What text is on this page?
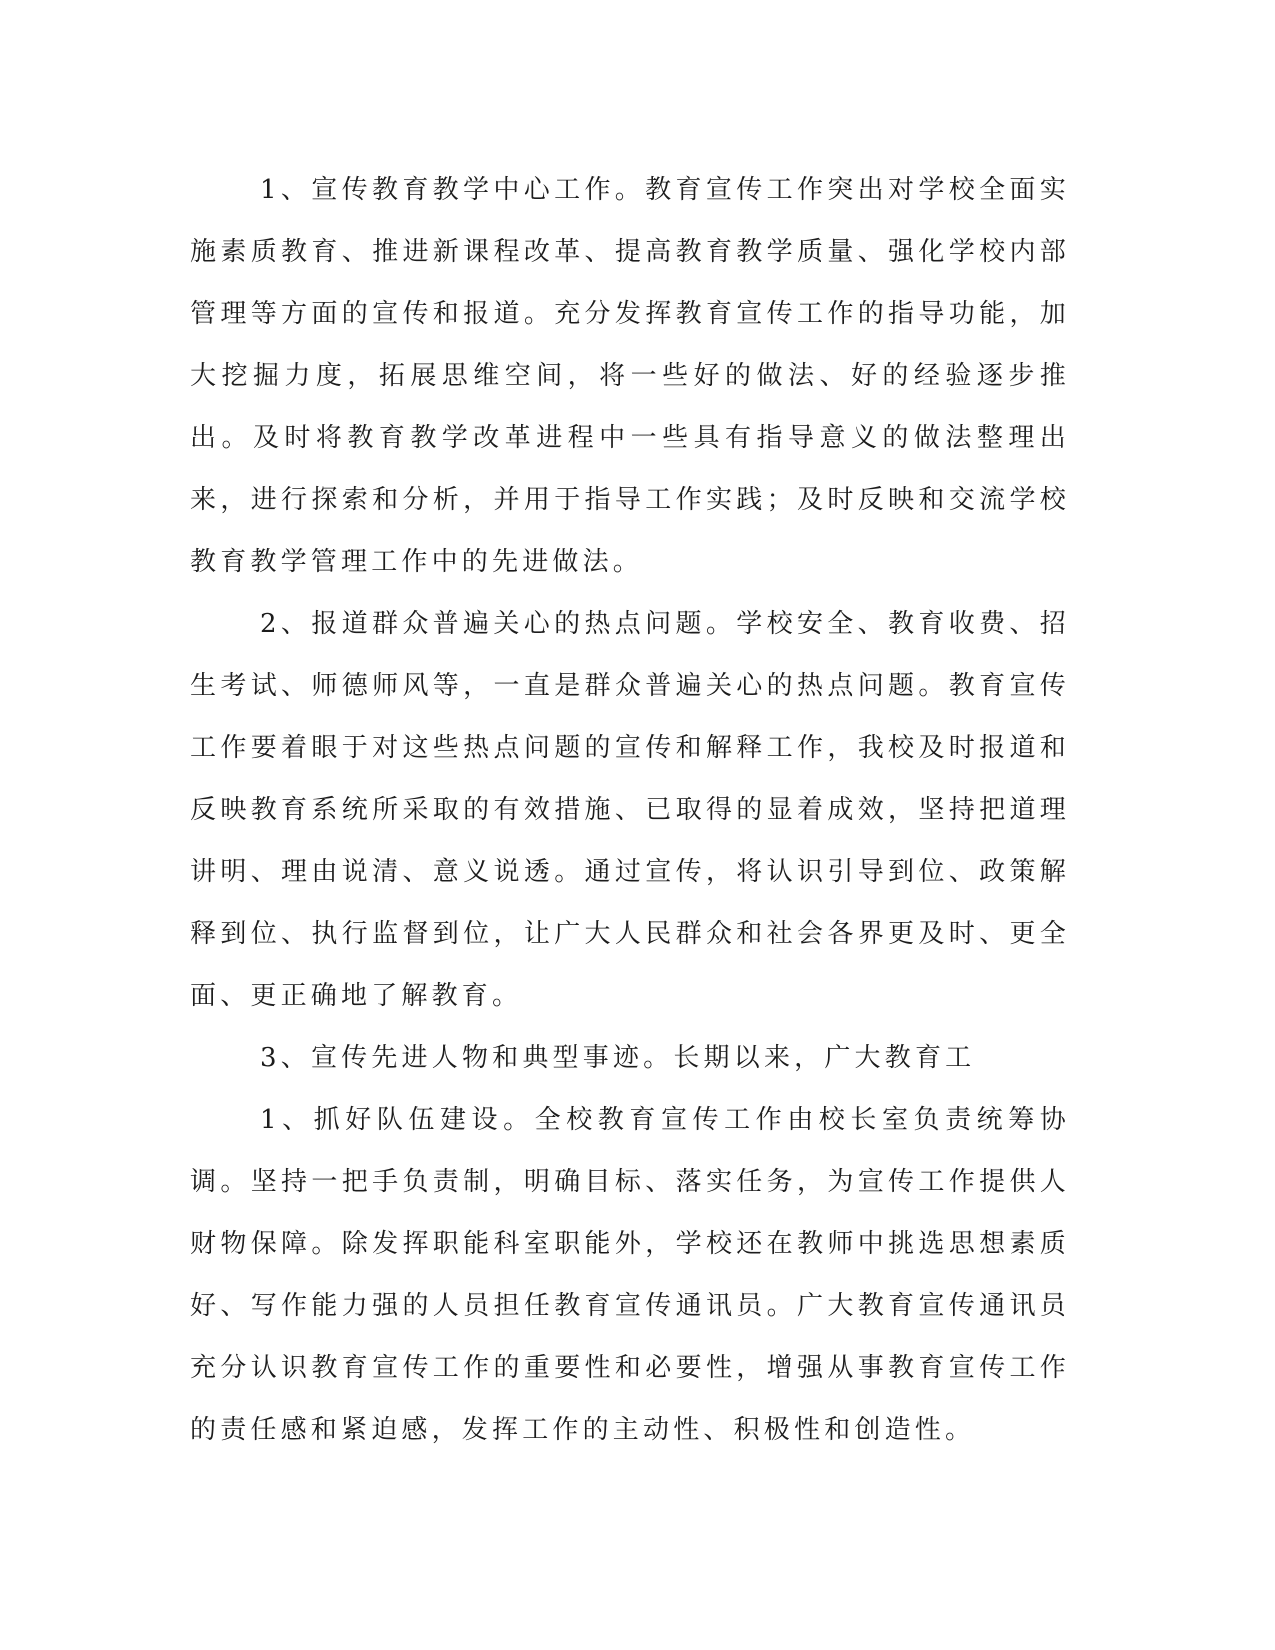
1、宣传教育教学中心工作。教育宣传工作突出对学校全面实施素质教育、推进新课程改革、提高教育教学质量、强化学校内部管理等方面的宣传和报道。充分发挥教育宣传工作的指导功能，加大挖掘力度，拓展思维空间，将一些好的做法、好的经验逐步推出。及时将教育教学改革进程中一些具有指导意义的做法整理出来，进行探索和分析，并用于指导工作实践；及时反映和交流学校教育教学管理工作中的先进做法。

2、报道群众普遍关心的热点问题。学校安全、教育收费、招生考试、师德师风等，一直是群众普遍关心的热点问题。教育宣传工作要着眼于对这些热点问题的宣传和解释工作，我校及时报道和反映教育系统所采取的有效措施、已取得的显着成效，坚持把道理讲明、理由说清、意义说透。通过宣传，将认识引导到位、政策解释到位、执行监督到位，让广大人民群众和社会各界更及时、更全面、更正确地了解教育。

3、宣传先进人物和典型事迹。长期以来，广大教育工

1、抓好队伍建设。全校教育宣传工作由校长室负责统筹协调。坚持一把手负责制，明确目标、落实任务，为宣传工作提供人财物保障。除发挥职能科室职能外，学校还在教师中挑选思想素质好、写作能力强的人员担任教育宣传通讯员。广大教育宣传通讯员充分认识教育宣传工作的重要性和必要性，增强从事教育宣传工作的责任感和紧迫感，发挥工作的主动性、积极性和创造性。
